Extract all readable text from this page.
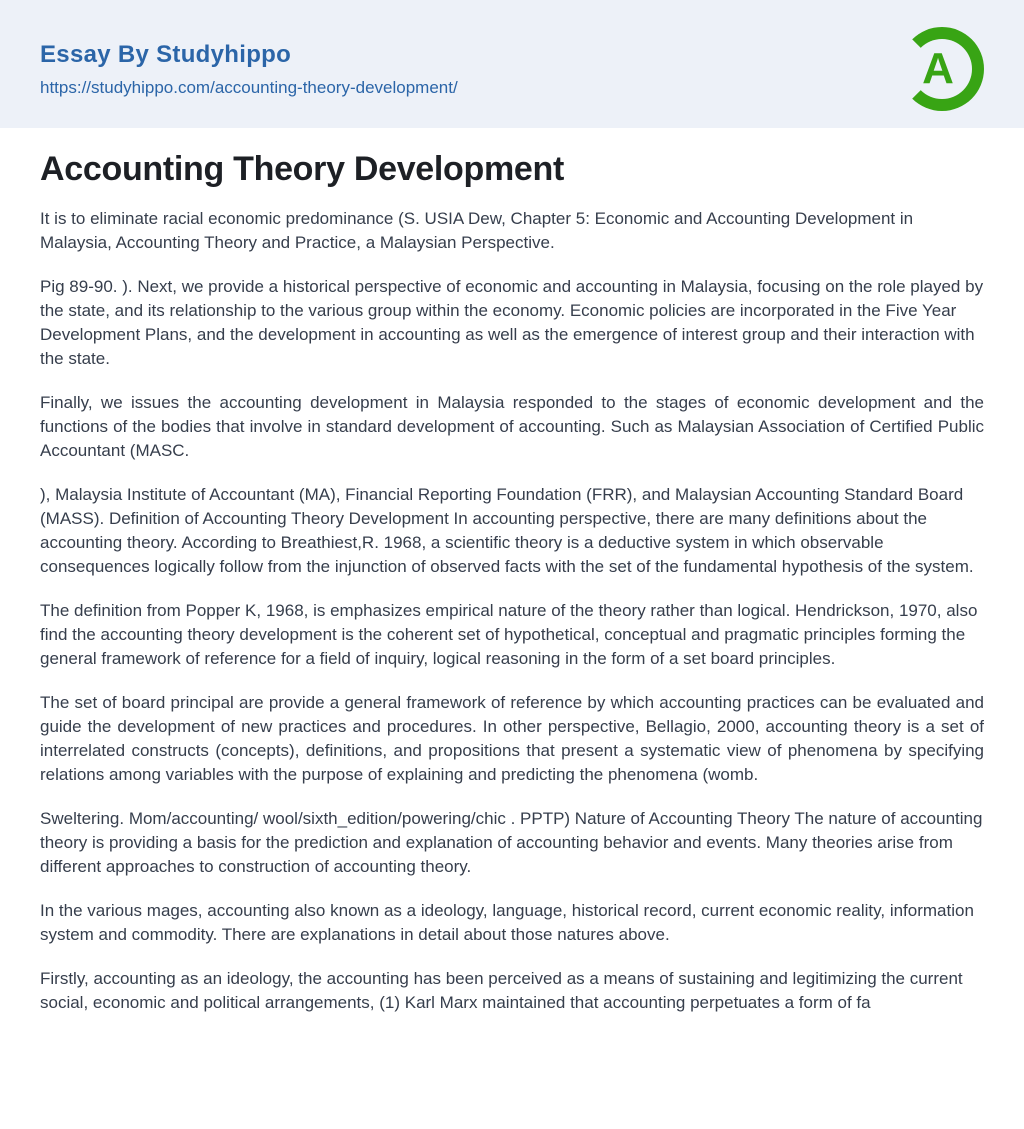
Essay By Studyhippo
https://studyhippo.com/accounting-theory-development/	A
Accounting Theory Development

It is to eliminate racial economic predominance (S. USIA Dew, Chapter 5: Economic and Accounting Development in Malaysia, Accounting Theory and Practice, a Malaysian Perspective.

Pig 89-90. ). Next, we provide a historical perspective of economic and accounting in Malaysia, focusing on the role played by the state, and its relationship to the various group within the economy. Economic policies are incorporated in the Five Year Development Plans, and the development in accounting as well as the emergence of interest group and their interaction with the state.

Finally, we issues the accounting development in Malaysia responded to the stages of economic development and the functions of the bodies that involve in standard development of accounting. Such as Malaysian Association of Certified Public Accountant (MASC.

), Malaysia Institute of Accountant (MA), Financial Reporting Foundation (FRR), and Malaysian Accounting Standard Board (MASS). Definition of Accounting Theory Development In accounting perspective, there are many definitions about the accounting theory. According to Breathiest,R. 1968, a scientific theory is a deductive system in which observable consequences logically follow from the injunction of observed facts with the set of the fundamental hypothesis of the system.

The definition from Popper K, 1968, is emphasizes empirical nature of the theory rather than logical. Hendrickson, 1970, also find the accounting theory development is the coherent set of hypothetical, conceptual and pragmatic principles forming the general framework of reference for a field of inquiry, logical reasoning in the form of a set board principles.

The set of board principal are provide a general framework of reference by which accounting practices can be evaluated and guide the development of new practices and procedures. In other perspective, Bellagio, 2000, accounting theory is a set of interrelated constructs (concepts), definitions, and propositions that present a systematic view of phenomena by specifying relations among variables with the purpose of explaining and predicting the phenomena (womb.

Sweltering. Mom/accounting/ wool/sixth_edition/powering/chic . PPTP) Nature of Accounting Theory The nature of accounting theory is providing a basis for the prediction and explanation of accounting behavior and events. Many theories arise from different approaches to construction of accounting theory.

In the various mages, accounting also known as a ideology, language, historical record, current economic reality, information system and commodity. There are explanations in detail about those natures above.

Firstly, accounting as an ideology, the accounting has been perceived as a means of sustaining and legitimizing the current social, economic and political arrangements, (1) Karl Marx maintained that accounting perpetuates a form of fa
